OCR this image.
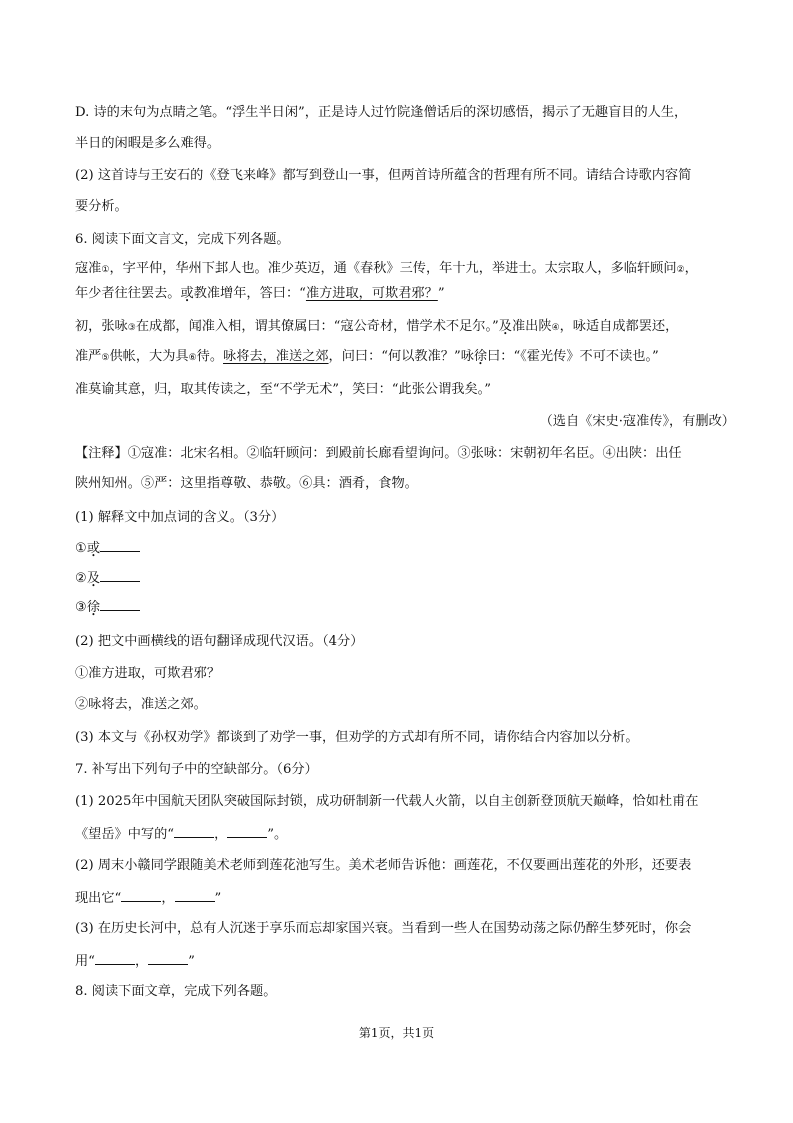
D. 诗的末句为点睛之笔。“浮生半日闲”，正是诗人过竹院逢僧话后的深切感悟，揭示了无趣盲目的人生，
半日的闲暇是多么难得。
(2) 这首诗与王安石的《登飞来峰》都写到登山一事，但两首诗所蕴含的哲理有所不同。请结合诗歌内容简
要分析。
6. 阅读下面文言文，完成下列各题。
寇准①，字平仲，华州下邽人也。准少英迈，通《春秋》三传，年十九，举进士。太宗取人，多临轩顾问②，
年少者往往罢去。或教准增年，答曰：“准方进取，可欺君邪？”
初，张咏③在成都，闻准入相，谓其僚属曰：“寇公奇材，惜学术不足尔。”及准出陕④，咏适自成都罢还，
准严⑤供帐，大为具⑥待。咏将去，准送之郊，问曰：“何以教准？”咏徐曰：“《霍光传》不可不读也。”
准莫谕其意，归，取其传读之，至“不学无术”，笑曰：“此张公谓我矣。”
（选自《宋史·寇准传》，有删改）
【注释】①寇准：北宋名相。②临轩顾问：到殿前长廊看望询问。③张咏：宋朝初年名臣。④出陕：出任
陕州知州。⑤严：这里指尊敬、恭敬。⑥具：酒肴，食物。
(1) 解释文中加点词的含义。（3分）
①或
②及
③徐
(2) 把文中画横线的语句翻译成现代汉语。（4分）
①准方进取，可欺君邪？
②咏将去，准送之郊。
(3) 本文与《孙权劝学》都谈到了劝学一事，但劝学的方式却有所不同，请你结合内容加以分析。
7. 补写出下列句子中的空缺部分。（6分）
(1) 2025年中国航天团队突破国际封锁，成功研制新一代载人火箭，以自主创新登顶航天巅峰，恰如杜甫在
《望岳》中写的“	，	”。
(2) 周末小赣同学跟随美术老师到莲花池写生。美术老师告诉他：画莲花，不仅要画出莲花的外形，还要表
现出它“	，	”
(3) 在历史长河中，总有人沉迷于享乐而忘却家国兴衰。当看到一些人在国势动荡之际仍醉生梦死时，你会
用“	，	”
8. 阅读下面文章，完成下列各题。
第1页，共1页
